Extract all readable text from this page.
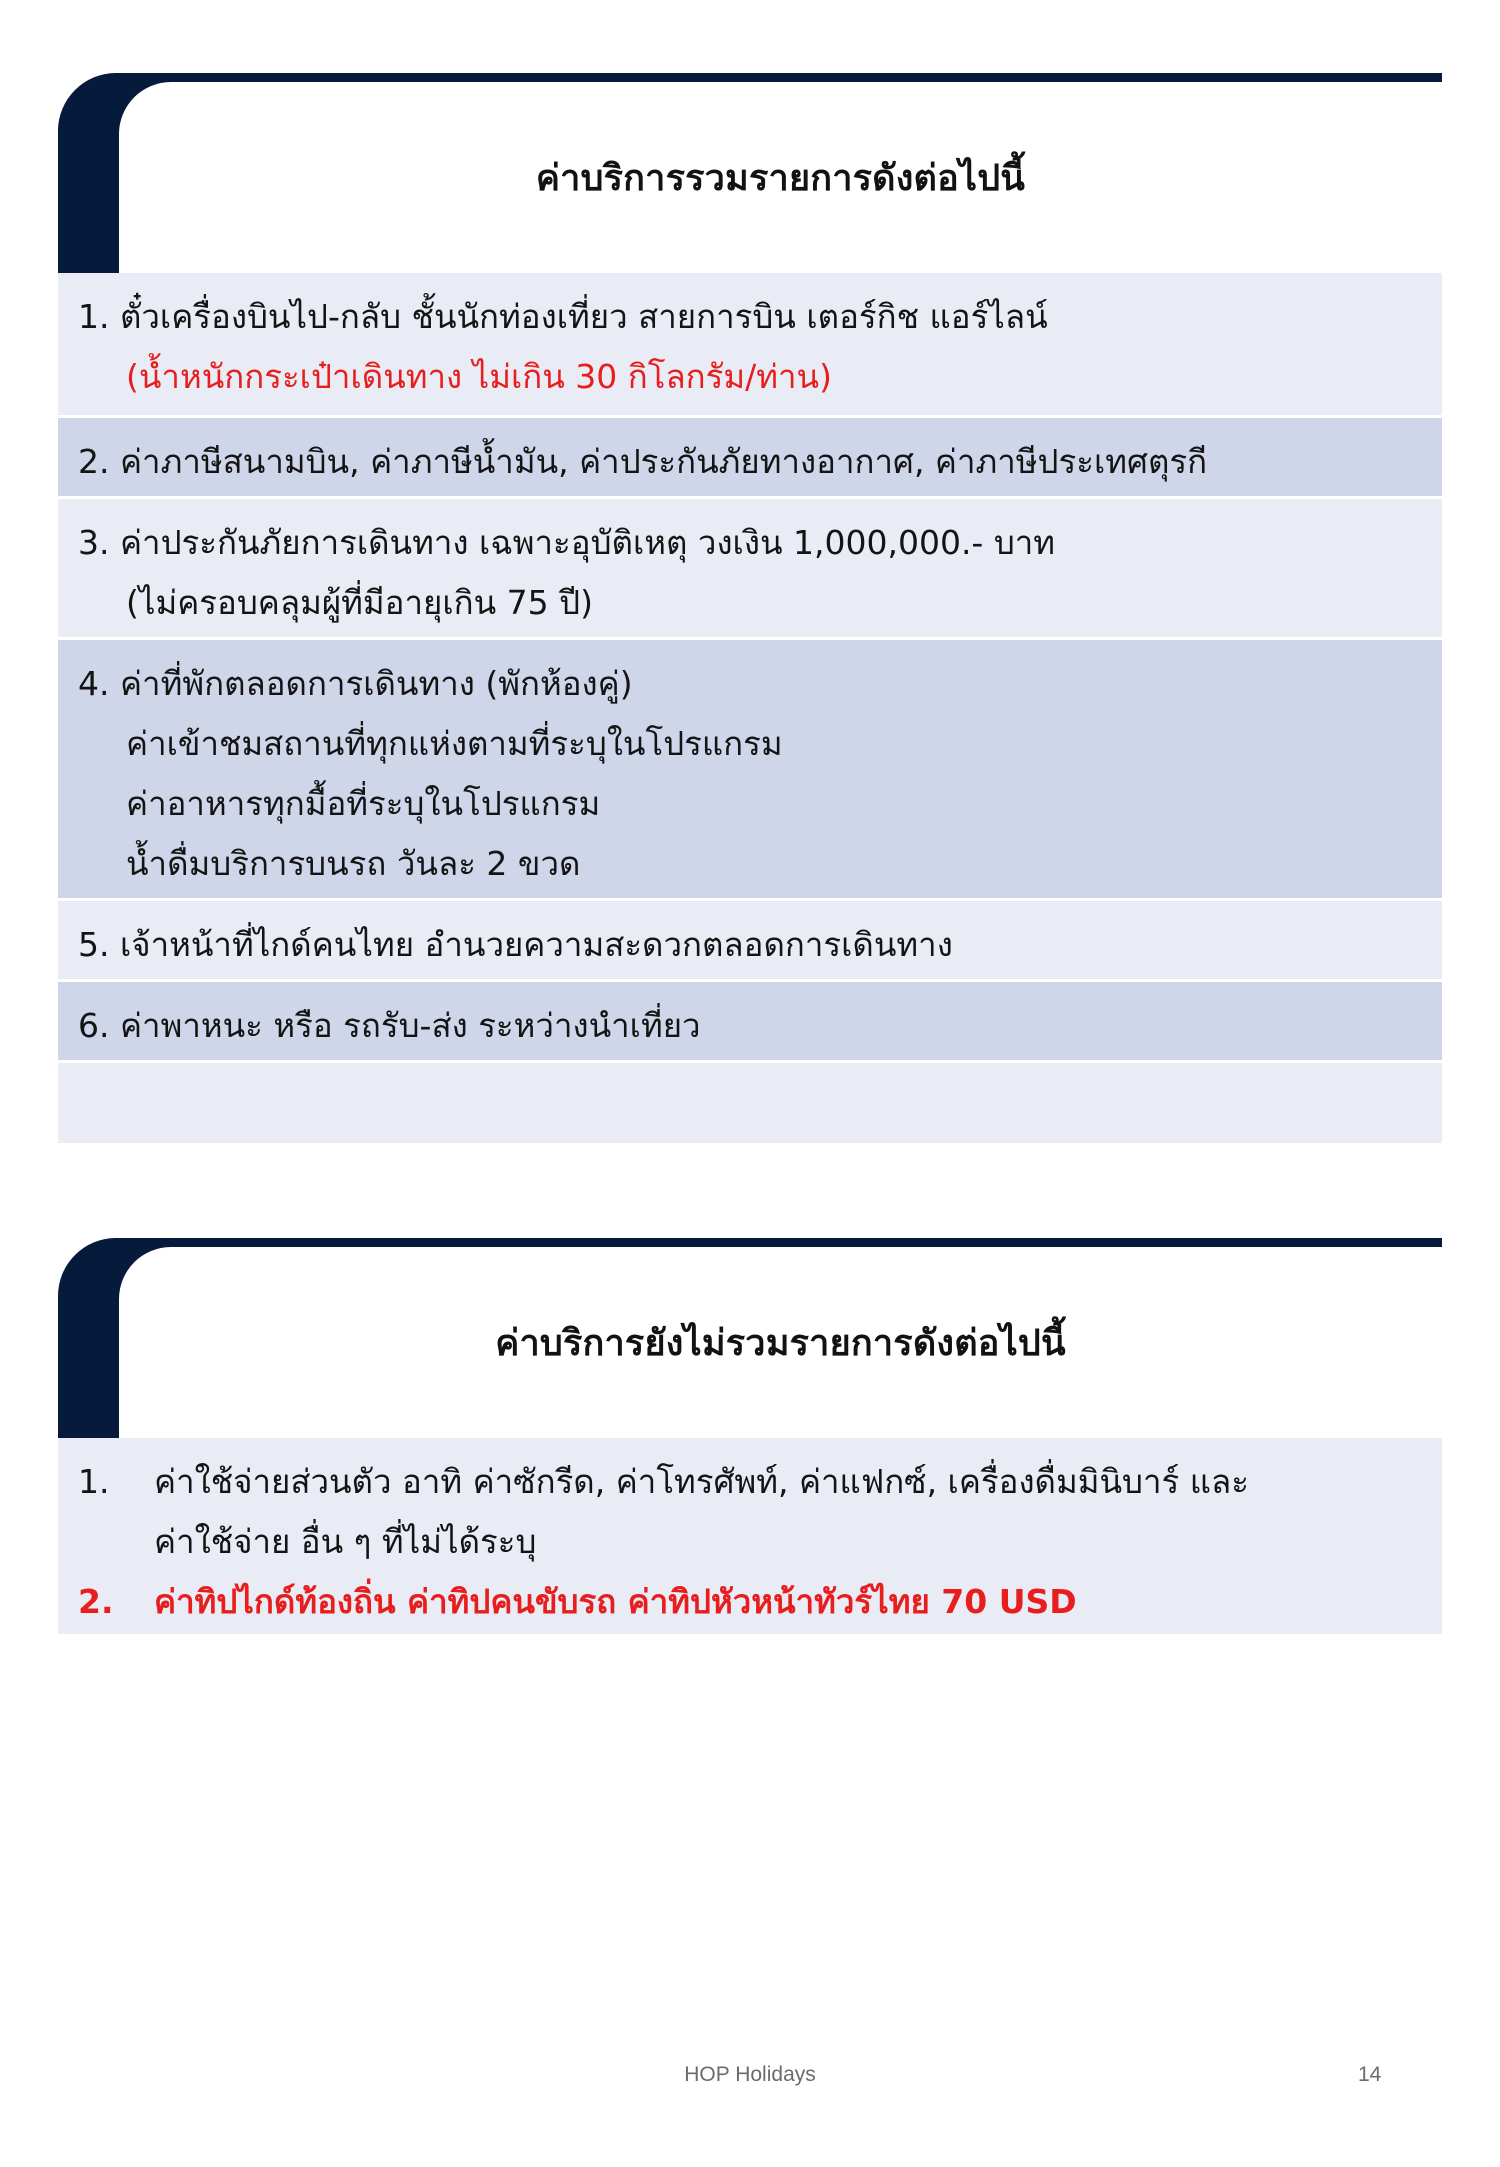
ค่าบริการรวมรายการดังต่อไปนี้
1. ตั๋วเครื่องบินไป-กลับ ชั้นนักท่องเที่ยว สายการบิน เตอร์กิช แอร์ไลน์
(น้ำหนักกระเป๋าเดินทาง ไม่เกิน 30 กิโลกรัม/ท่าน)
2. ค่าภาษีสนามบิน, ค่าภาษีน้ำมัน, ค่าประกันภัยทางอากาศ, ค่าภาษีประเทศตุรกี
3. ค่าประกันภัยการเดินทาง เฉพาะอุบัติเหตุ วงเงิน 1,000,000.- บาท
(ไม่ครอบคลุมผู้ที่มีอายุเกิน 75 ปี)
4. ค่าที่พักตลอดการเดินทาง (พักห้องคู่)
ค่าเข้าชมสถานที่ทุกแห่งตามที่ระบุในโปรแกรม
ค่าอาหารทุกมื้อที่ระบุในโปรแกรม
น้ำดื่มบริการบนรถ วันละ 2 ขวด
5. เจ้าหน้าที่ไกด์คนไทย อำนวยความสะดวกตลอดการเดินทาง
6. ค่าพาหนะ หรือ รถรับ-ส่ง ระหว่างนำเที่ยว
ค่าบริการยังไม่รวมรายการดังต่อไปนี้
1. ค่าใช้จ่ายส่วนตัว อาทิ ค่าซักรีด, ค่าโทรศัพท์, ค่าแฟกซ์, เครื่องดื่มมินิบาร์ และ
ค่าใช้จ่าย อื่น ๆ ที่ไม่ได้ระบุ
2. ค่าทิปไกด์ท้องถิ่น ค่าทิปคนขับรถ ค่าทิปหัวหน้าทัวร์ไทย 70 USD
HOP Holidays	14
